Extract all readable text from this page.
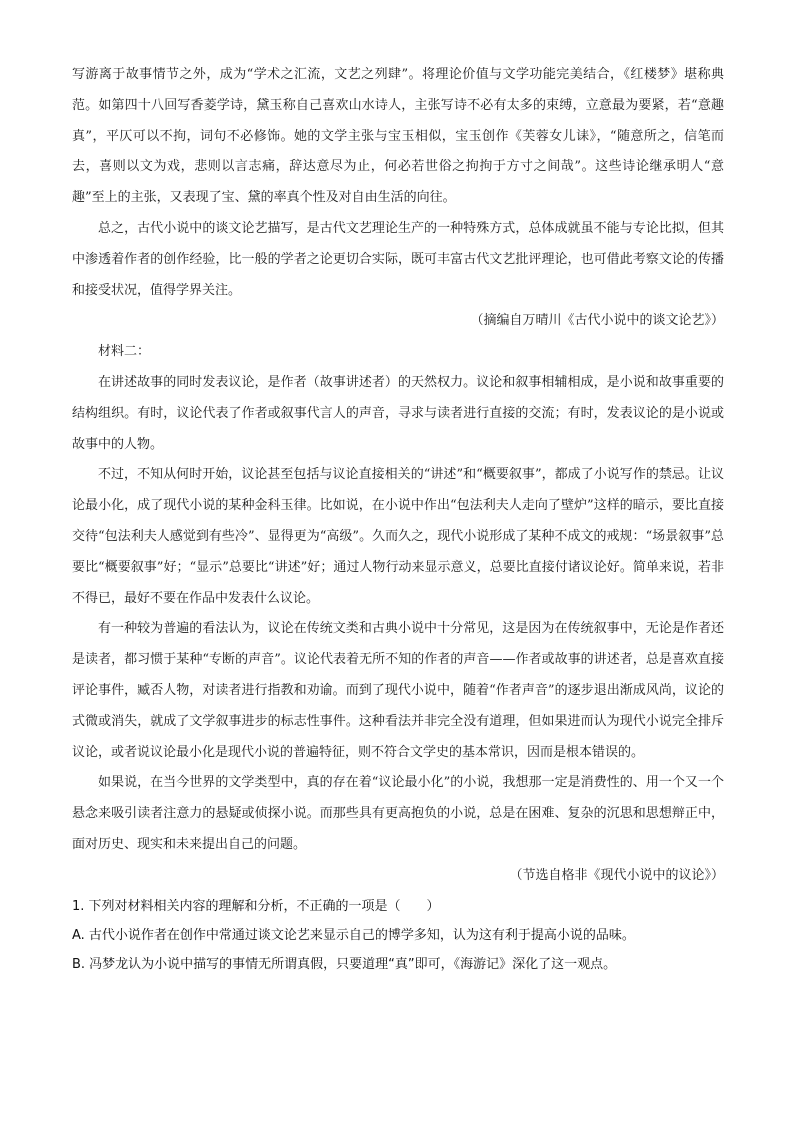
写游离于故事情节之外，成为“学术之汇流，文艺之列肆”。将理论价值与文学功能完美结合，《红楼梦》堪称典范。如第四十八回写香菱学诗，黛玉称自己喜欢山水诗人，主张写诗不必有太多的束缚，立意最为要紧，若“意趣真”，平仄可以不拘，词句不必修饰。她的文学主张与宝玉相似，宝玉创作《芙蓉女儿诔》，“随意所之，信笔而去，喜则以文为戏，悲则以言志痛，辞达意尽为止，何必若世俗之拘拘于方寸之间哉”。这些诗论继承明人“意趣”至上的主张，又表现了宝、黛的率真个性及对自由生活的向往。

总之，古代小说中的谈文论艺描写，是古代文艺理论生产的一种特殊方式，总体成就虽不能与专论比拟，但其中渗透着作者的创作经验，比一般的学者之论更切合实际，既可丰富古代文艺批评理论，也可借此考察文论的传播和接受状况，值得学界关注。

（摘编自万晴川《古代小说中的谈文论艺》）

材料二：

在讲述故事的同时发表议论，是作者（故事讲述者）的天然权力。议论和叙事相辅相成，是小说和故事重要的结构组织。有时，议论代表了作者或叙事代言人的声音，寻求与读者进行直接的交流；有时，发表议论的是小说或故事中的人物。

不过，不知从何时开始，议论甚至包括与议论直接相关的“讲述”和“概要叙事”，都成了小说写作的禁忌。让议论最小化，成了现代小说的某种金科玉律。比如说，在小说中作出“包法利夫人走向了壁炉”这样的暗示，要比直接交待“包法利夫人感觉到有些冷”、显得更为“高级”。久而久之，现代小说形成了某种不成文的戒规：“场景叙事”总要比“概要叙事”好；“显示”总要比“讲述”好；通过人物行动来显示意义，总要比直接付诸议论好。简单来说，若非不得已，最好不要在作品中发表什么议论。

有一种较为普遍的看法认为，议论在传统文类和古典小说中十分常见，这是因为在传统叙事中，无论是作者还是读者，都习惯于某种“专断的声音”。议论代表着无所不知的作者的声音——作者或故事的讲述者，总是喜欢直接评论事件，臧否人物，对读者进行指教和劝谕。而到了现代小说中，随着“作者声音”的逐步退出渐成风尚，议论的式微或消失，就成了文学叙事进步的标志性事件。这种看法并非完全没有道理，但如果进而认为现代小说完全排斥议论，或者说议论最小化是现代小说的普遍特征，则不符合文学史的基本常识，因而是根本错误的。

如果说，在当今世界的文学类型中，真的存在着“议论最小化”的小说，我想那一定是消费性的、用一个又一个悬念来吸引读者注意力的悬疑或侦探小说。而那些具有更高抱负的小说，总是在困难、复杂的沉思和思想辩正中，面对历史、现实和未来提出自己的问题。

（节选自格非《现代小说中的议论》）

1. 下列对材料相关内容的理解和分析，不正确的一项是（　　）

A. 古代小说作者在创作中常通过谈文论艺来显示自己的博学多知，认为这有利于提高小说的品味。

B. 冯梦龙认为小说中描写的事情无所谓真假，只要道理“真”即可，《海游记》深化了这一观点。
